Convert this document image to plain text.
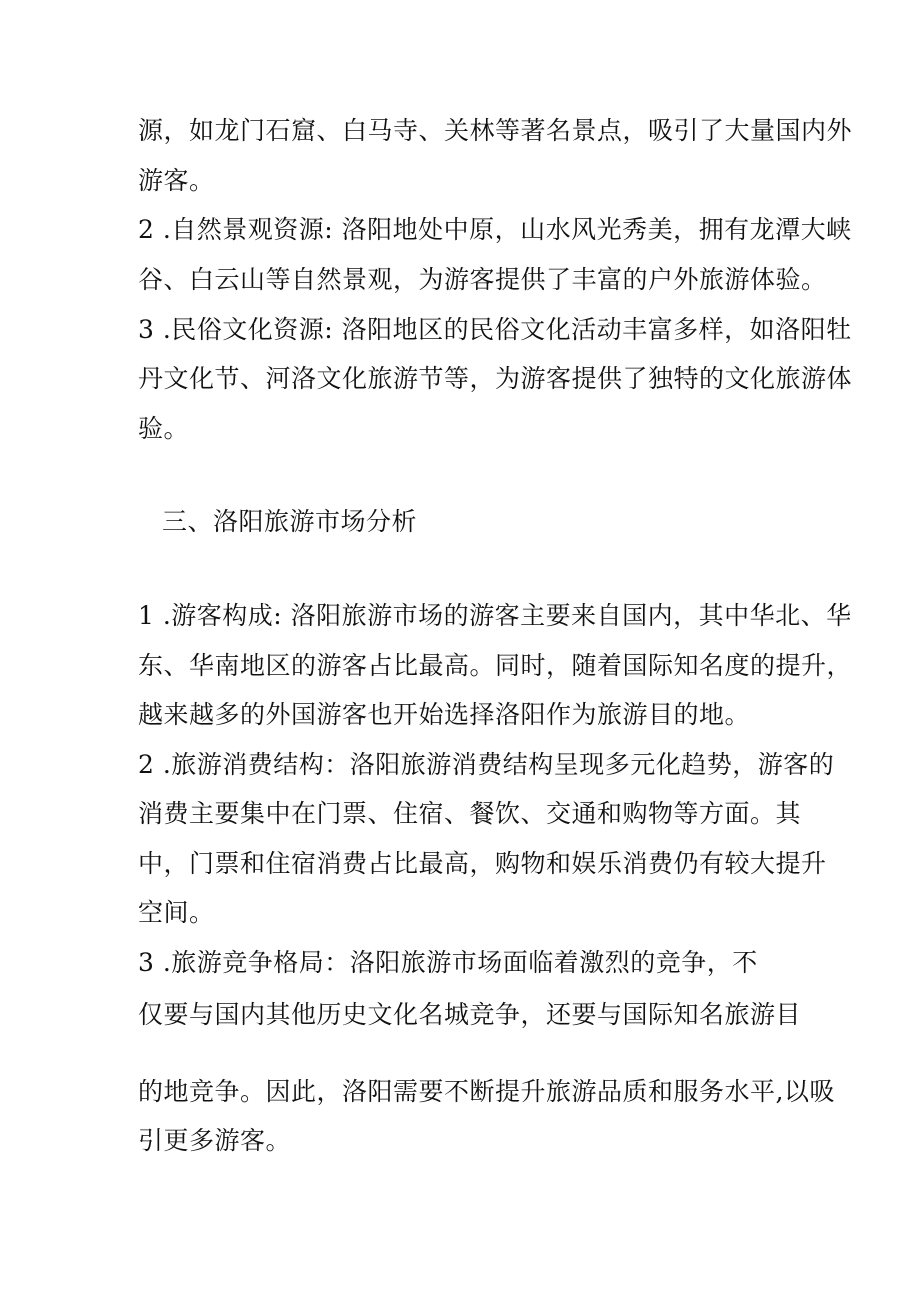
源，如龙门石窟、白马寺、关林等著名景点，吸引了大量国内外
游客。
2 .自然景观资源: 洛阳地处中原，山水风光秀美，拥有龙潭大峡
谷、白云山等自然景观，为游客提供了丰富的户外旅游体验。
3 .民俗文化资源: 洛阳地区的民俗文化活动丰富多样，如洛阳牡
丹文化节、河洛文化旅游节等，为游客提供了独特的文化旅游体
验。
三、洛阳旅游市场分析
1 .游客构成: 洛阳旅游市场的游客主要来自国内，其中华北、华
东、华南地区的游客占比最高。同时，随着国际知名度的提升，
越来越多的外国游客也开始选择洛阳作为旅游目的地。
2 .旅游消费结构：洛阳旅游消费结构呈现多元化趋势，游客的
消费主要集中在门票、住宿、餐饮、交通和购物等方面。其
中，门票和住宿消费占比最高，购物和娱乐消费仍有较大提升
空间。
3 .旅游竞争格局：洛阳旅游市场面临着激烈的竞争，不
仅要与国内其他历史文化名城竞争，还要与国际知名旅游目
的地竞争。因此，洛阳需要不断提升旅游品质和服务水平,以吸
引更多游客。
